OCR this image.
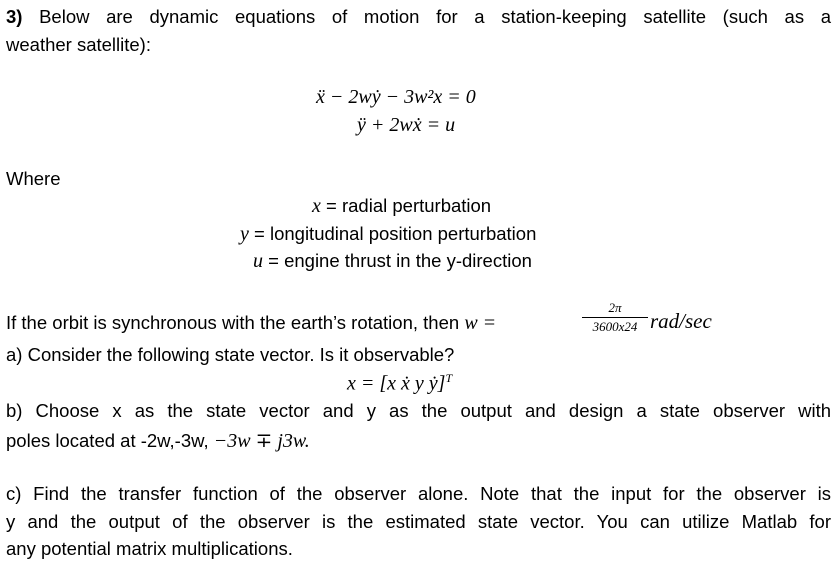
3) Below are dynamic equations of motion for a station-keeping satellite (such as a
weather satellite):
ẍ − 2wẏ − 3w²x = 0
ÿ + 2wẋ = u
Where
x = radial perturbation
y = longitudinal position perturbation
u = engine thrust in the y-direction
If the orbit is synchronous with the earth’s rotation, then w =
2π
3600x24 rad/sec
a) Consider the following state vector. Is it observable?
x = [x ẋ y ẏ]$^T$
b) Choose x as the state vector and y as the output and design a state observer with
poles located at -2w,-3w, −3w ∓ j3w.
c) Find the transfer function of the observer alone. Note that the input for the observer is
y and the output of the observer is the estimated state vector. You can utilize Matlab for
any potential matrix multiplications.
